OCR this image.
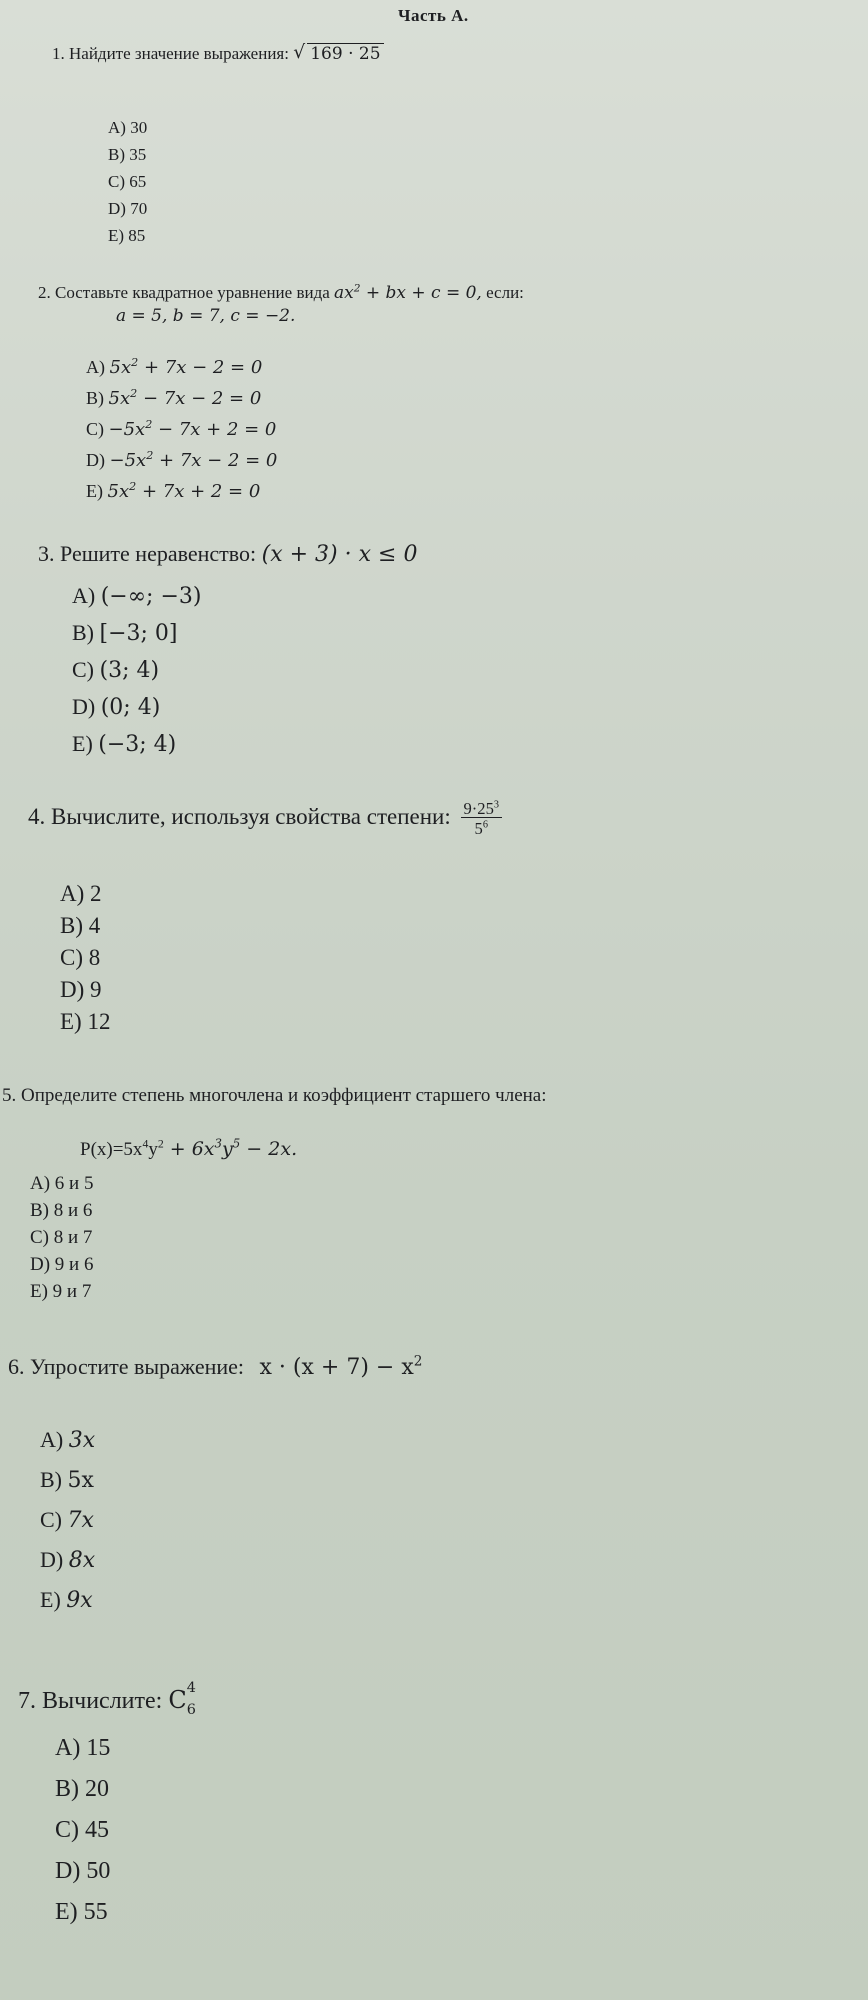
Часть А.
1. Найдите значение выражения: √ 169 · 25
A) 30
B) 35
C) 65
D) 70
E) 85
2. Составьте квадратное уравнение вида $ax^2$ + bx + c = 0, если:
a = 5, b = 7, c = −2.
A) $5x^2 + 7x - 2 = 0$
B) $5x^2 - 7x - 2 = 0$
$C) -5x^2 - 7x + 2 = 0$
$D) -5x^2 + 7x - 2 = 0$
E) $5x^2 + 7x + 2 = 0$
3. Решите неравенство: (x + 3) · x ≤ 0
A) (−∞; −3)
B) [−3; 0]
C) (3; 4)
D) (0; 4)
E) (−3; 4)
4. Вычислите, используя свойства степени: $\frac{9\cdot 25^3}{5^6}$
A) 2
B) 4
C) 8
D) 9
E) 12
5. Определите степень многочлена и коэффициент старшего члена:
$P(x)=5x^4y^2 + 6x^3y^5 - 2x$.
A) 6 и 5
B) 8 и 6
C) 8 и 7
D) 9 и 6
E) 9 и 7
6. Упростите выражение: $x \cdot (x + 7) - x^2$
A) 3x
B) 5x
C) 7x
D) 8x
E) 9x
7. Вычислите: C 4
6
A) 15
B) 20
C) 45
D) 50
E) 55
